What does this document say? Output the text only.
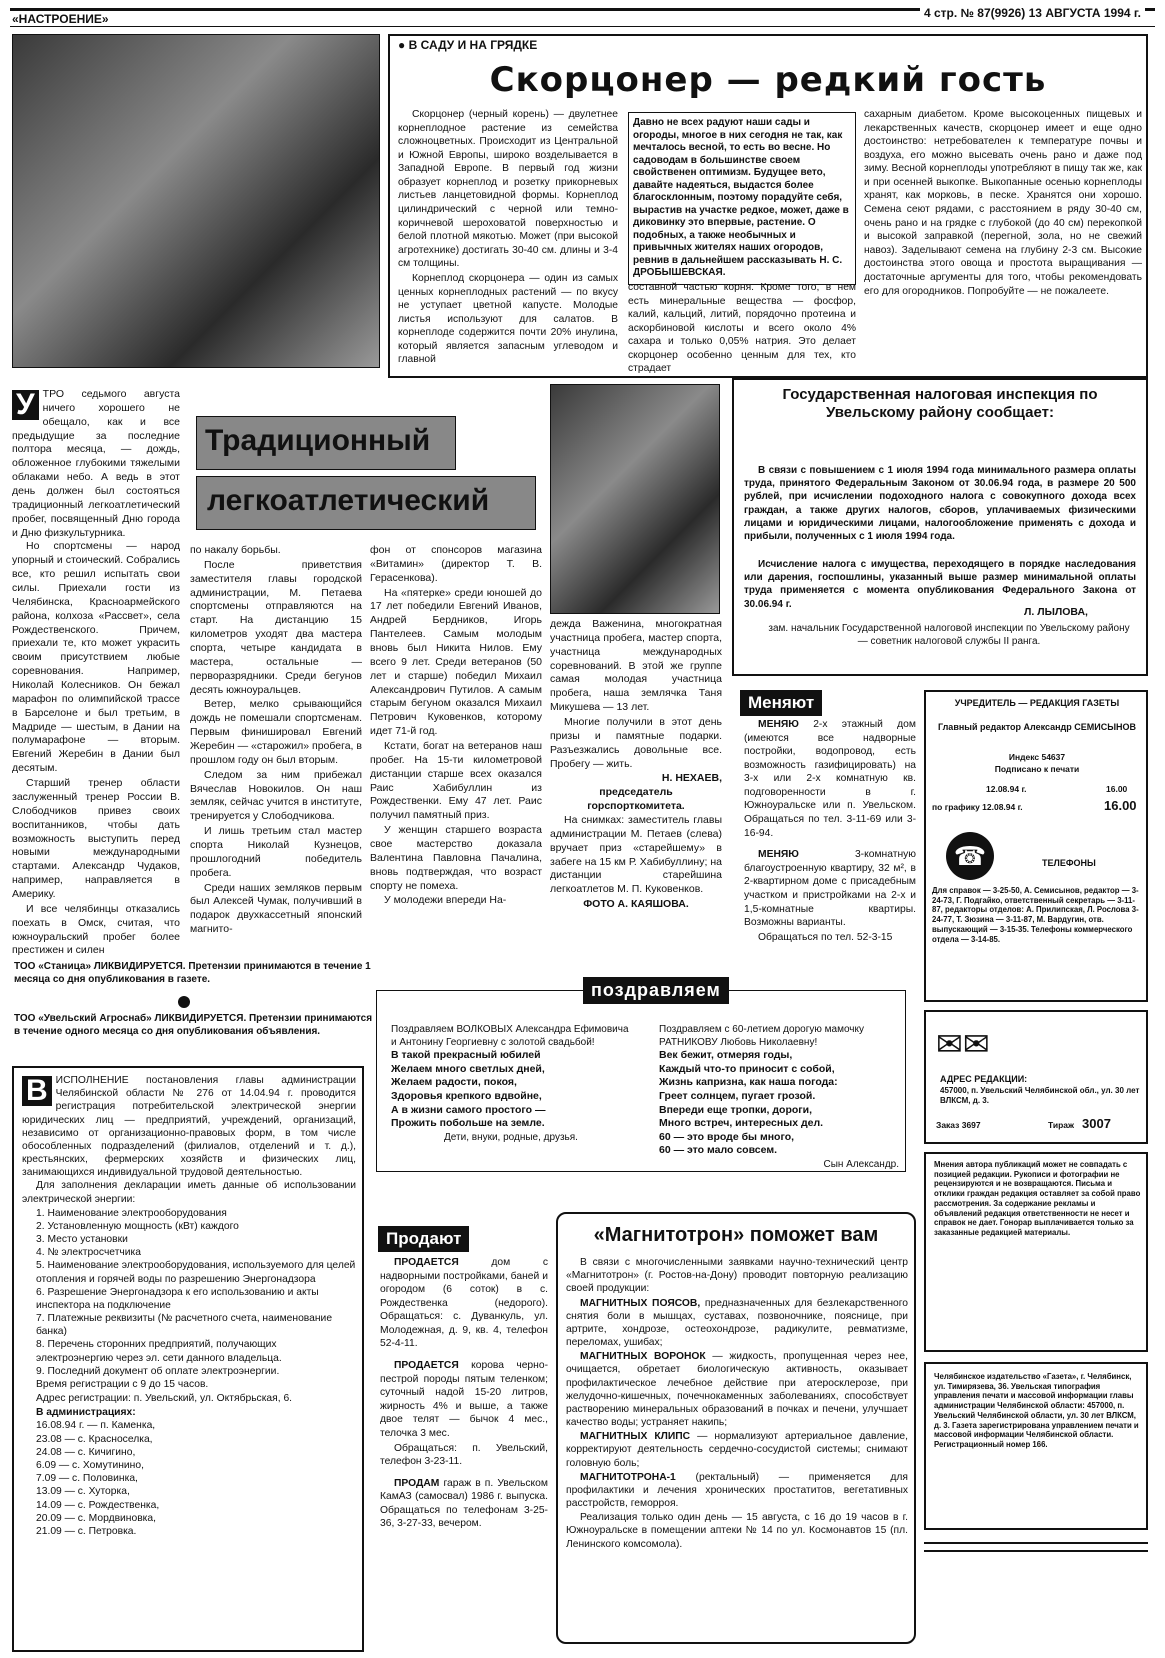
«НАСТРОЕНИЕ»	4 стр. № 87(9926) 13 АВГУСТА 1994 г.
● В САДУ И НА ГРЯДКЕ
Скорцонер — редкий гость

Скорцонер (черный корень) — двулетнее корнеплодное растение из семейства сложноцветных. Происходит из Центральной и Южной Европы, широко возделывается в Западной Европе. В первый год жизни образует корнеплод и розетку прикорневых листьев ланцетовидной формы. Корнеплод цилиндрический с черной или темно-коричневой шероховатой поверхностью и белой плотной мякотью. Может (при высокой агротехнике) достигать 30-40 см. длины и 3-4 см толщины.

Корнеплод скорцонера — один из самых ценных корнеплодных растений — по вкусу не уступает цветной капусте. Молодые листья используют для салатов. В корнеплоде содержится почти 20% инулина, который является запасным углеводом и главной

Давно не всех радуют наши сады и огороды, многое в них сегодня не так, как мечталось весной, то есть во весне. Но садоводам в большинстве своем свойственен оптимизм. Будущее вето, давайте надеяться, выдастся более благосклонным, поэтому порадуйте себя, вырастив на участке редкое, может, даже в диковинку это впервые, растение. О подобных, а также необычных и привычных жителях наших огородов, ревнив в дальнейшем рассказывать Н. С. ДРОБЫШЕВСКАЯ.
составной частью корня. Кроме того, в нем есть минеральные вещества — фосфор, калий, кальций, литий, порядочно протеина и аскорбиновой кислоты и всего около 4% сахара и только 0,05% натрия. Это делает скорцонер особенно ценным для тех, кто страдает
сахарным диабетом. Кроме высокоценных пищевых и лекарственных качеств, скорцонер имеет и еще одно достоинство: нетребователен к температуре почвы и воздуха, его можно высевать очень рано и даже под зиму. Весной корнеплоды употребляют в пищу так же, как и при осенней выкопке. Выкопанные осенью корнеплоды хранят, как морковь, в песке. Хранятся они хорошо. Семена сеют рядами, с расстоянием в ряду 30-40 см, очень рано и на грядке с глубокой (до 40 см) перекопкой и высокой заправкой (перегной, зола, но не свежий навоз). Заделывают семена на глубину 2-3 см. Высокие достоинства этого овоща и простота выращивания — достаточные аргументы для того, чтобы рекомендовать его для огородников. Попробуйте — не пожалеете.
У ТРО седьмого августа ничего хорошего не обещало, как и все предыдущие за последние полтора месяца, — дождь, обложенное глубокими тяжелыми облаками небо. А ведь в этот день должен был состояться традиционный легкоатлетический пробег, посвященный Дню города и Дню физкультурника.

Но спортсмены — народ упорный и стоический. Собрались все, кто решил испытать свои силы. Приехали гости из Челябинска, Красноармейского района, колхоза «Рассвет», села Рождественского. Причем, приехали те, кто может украсить своим присутствием любые соревнования. Например, Николай Колесников. Он бежал марафон по олимпийской трассе в Барселоне и был третьим, в Мадриде — шестым, в Дании на полумарафоне — вторым. Евгений Жеребин в Дании был десятым.

Старший тренер области заслуженный тренер России В. Слободчиков привез своих воспитанников, чтобы дать возможность выступить перед новыми международными стартами. Александр Чудаков, например, направляется в Америку.

И все челябинцы отказались поехать в Омск, считая, что южноуральский пробег более престижен и силен

Традиционный
легкоатлетический

по накалу борьбы.

После приветствия заместителя главы городской администрации, М. Петаева спортсмены отправляются на старт. На дистанцию 15 километров уходят два мастера спорта, четыре кандидата в мастера, остальные — перворазрядники. Среди бегунов десять южноуральцев.

Ветер, мелко срывающийся дождь не помешали спортсменам. Первым финишировал Евгений Жеребин — «старожил» пробега, в прошлом году он был вторым.

Следом за ним прибежал Вячеслав Новокилов. Он наш земляк, сейчас учится в институте, тренируется у Слободчикова.

И лишь третьим стал мастер спорта Николай Кузнецов, прошлогодний победитель пробега.

Среди наших земляков первым был Алексей Чумак, получивший в подарок двухкассетный японский магнито-

фон от спонсоров магазина «Витамин» (директор Т. В. Герасенкова).

На «пятерке» среди юношей до 17 лет победили Евгений Иванов, Андрей Бердников, Игорь Пантелеев. Самым молодым вновь был Никита Нилов. Ему всего 9 лет. Среди ветеранов (50 лет и старше) победил Михаил Александрович Путилов. А самым старым бегуном оказался Михаил Петрович Куковенков, которому идет 71-й год.

Кстати, богат на ветеранов наш пробег. На 15-ти километровой дистанции старше всех оказался Раис Хабибуллин из Рождественки. Ему 47 лет. Раис получил памятный приз.

У женщин старшего возраста свое мастерство доказала Валентина Павловна Пачалина, вновь подтверждая, что возраст спорту не помеха.

У молодежи впереди На-

дежда Важенина, многократная участница пробега, мастер спорта, участница международных соревнований. В этой же группе самая молодая участница пробега, наша землячка Таня Микушева — 13 лет.

Многие получили в этот день призы и памятные подарки. Разъезжались довольные все. Пробегу — жить.

Н. НЕХАЕВ,
председатель горспорткомитета.

На снимках: заместитель главы администрации М. Петаев (слева) вручает приз «старейшему» в забеге на 15 км Р. Хабибуллину; на дистанции старейшина легкоатлетов М. П. Куковенков.

ФОТО А. КАЯШОВА.
Государственная налоговая инспекция по Увельскому району сообщает:
В связи с повышением с 1 июля 1994 года минимального размера оплаты труда, принятого Федеральным Законом от 30.06.94 года, в размере 20 500 рублей, при исчислении подоходного налога с совокупного дохода всех граждан, а также других налогов, сборов, уплачиваемых физическими лицами и юридическими лицами, налогообложение применять с дохода и прибыли, полученных с 1 июля 1994 года.
Исчисление налога с имущества, переходящего в порядке наследования или дарения, госпошлины, указанный выше размер минимальной оплаты труда применяется с момента опубликования Федерального Закона от 30.06.94 г.
Л. ЛЫЛОВА,
зам. начальник Государственной налоговой инспекции по Увельскому району — советник налоговой службы II ранга.
Меняют

МЕНЯЮ 2-х этажный дом (имеются все надворные постройки, водопровод, есть возможность газифицировать) на 3-х или 2-х комнатную кв. подговоренности в г. Южноуральске или п. Увельском. Обращаться по тел. 3-11-69 или 3-16-94.

МЕНЯЮ	3-комнатную благоустроенную квартиру, 32 м², в 2-квартирном доме с присадебным участком и пристройками на 2-х и 1,5-комнатные квартиры. Возможны варианты.

Обращаться по тел. 52-3-15

УЧРЕДИТЕЛЬ — РЕДАКЦИЯ ГАЗЕТЫ
Главный редактор Александр СЕМИСЫНОВ
Индекс 54637
Подписано к печати
12.08.94 г.	16.00
по графику 12.08.94 г.	16.00
☎	ТЕЛЕФОНЫ
Для справок — 3-25-50, А. Семисынов, редактор — 3-24-73, Г. Подгайко, ответственный секретарь — 3-11-87, редакторы отделов: А. Прилипская, Л. Рослова 3-24-77, Т. Зюзина — 3-11-87, М. Вардугин, отв. выпускающий — 3-15-35. Телефоны коммерческого отдела — 3-14-85.
✉✉
АДРЕС РЕДАКЦИИ:
457000, п. Увельский Челябинской обл., ул. 30 лет ВЛКСМ, д. 3.
Заказ 3697	Тираж 3007
Мнения автора публикаций может не совпадать с позицией редакции. Рукописи и фотографии не рецензируются и не возвращаются. Письма и отклики граждан редакция оставляет за собой право рассмотрения. За содержание рекламы и объявлений редакция ответственности не несет и справок не дает. Гонорар выплачивается только за заказанные редакцией материалы.
Челябинское издательство «Газета», г. Челябинск, ул. Тимирязева, 36. Увельская типография управления печати и массовой информации главы администрации Челябинской области: 457000, п. Увельский Челябинской области, ул. 30 лет ВЛКСМ, д. 3. Газета зарегистрирована управлением печати и массовой информации Челябинской области. Регистрационный номер 166.
ТОО «Станица» ЛИКВИДИРУЕТСЯ. Претензии принимаются в течение 1 месяца со дня опубликования в газете.
ТОО «Увельский Агроснаб» ЛИКВИДИРУЕТСЯ. Претензии принимаются в течение одного месяца со дня опубликования объявления.
В ИСПОЛНЕНИЕ постановления главы администрации Челябинской области № 276 от 14.04.94 г. проводится регистрация потребительской электрической энергии юридических лиц — предприятий, учреждений, организаций, независимо от организационно-правовых форм, в том числе обособленных подразделений (филиалов, отделений и т. д.), крестьянских, фермерских хозяйств и физических лиц, занимающихся индивидуальной трудовой деятельностью.

Для заполнения декларации иметь данные об использовании электрической энергии:

1. Наименование электрооборудования
2. Установленную мощность (кВт) каждого
3. Место установки
4. № электросчетчика
5. Наименование электрооборудования, используемого для целей отопления и горячей воды по разрешению Энергонадзора
6. Разрешение Энергонадзора к его использованию и акты инспектора на подключение
7. Платежные реквизиты (№ расчетного счета, наименование банка)
8. Перечень сторонних предприятий, получающих электроэнергию через эл. сети данного владельца.
9. Последний документ об оплате электроэнергии.

Время регистрации с 9 до 15 часов.

Адрес регистрации: п. Увельский, ул. Октябрьская, 6.

В администрациях:
16.08.94 г. — п. Каменка,
23.08 — с. Красноселка,
24.08 — с. Кичигино,
6.09 — с. Хомутинино,
7.09 — с. Половинка,
13.09 — с. Хуторка,
14.09 — с. Рождественка,
20.09 — с. Мордвиновка,
21.09 — с. Петровка.
поздравляем
Поздравляем ВОЛКОВЫХ Александра Ефимовича и Антонину Георгиевну с золотой свадьбой!
В такой прекрасный юбилей
Желаем много светлых дней,
Желаем радости, покоя,
Здоровья крепкого вдвойне,
А в жизни самого простого —
Прожить побольше на земле.
Дети, внуки, родные, друзья.
Поздравляем с 60-летием дорогую мамочку РАТНИКОВУ Любовь Николаевну!
Век бежит, отмеряя годы,
Каждый что-то приносит с собой,
Жизнь капризна, как наша погода:
Греет солнцем, пугает грозой.
Впереди еще тропки, дороги,
Много встреч, интересных дел.
60 — это вроде бы много,
60 — это мало совсем.
Сын Александр.
Продают

ПРОДАЕТСЯ	дом с надворными постройками, баней и огородом (6 соток) в с. Рождественка (недорого). Обращаться: с. Дуванкуль, ул. Молодежная, д. 9, кв. 4, телефон 52-4-11.

ПРОДАЕТСЯ корова черно-пестрой породы пятым теленком; суточный надой 15-20 литров, жирность 4% и выше, а также двое телят — бычок 4 мес., телочка 3 мес.

Обращаться: п. Увельский, телефон 3-23-11.

ПРОДАМ гараж в п. Увельском КамАЗ (самосвал) 1986 г. выпуска. Обращаться по телефонам 3-25-36, 3-27-33, вечером.

«Магнитотрон» поможет вам

В связи с многочисленными заявками научно-технический центр «Магнитотрон» (г. Ростов-на-Дону) проводит повторную реализацию своей продукции:

МАГНИТНЫХ ПОЯСОВ, предназначенных для безлекарственного снятия боли в мышцах, суставах, позвоночнике, пояснице, при артрите, хондрозе, остеохондрозе, радикулите, ревматизме, переломах, ушибах;

МАГНИТНЫХ ВОРОНОК — жидкость, пропущенная через нее, очищается, обретает биологическую активность, оказывает профилактическое лечебное действие при атеросклерозе, при желудочно-кишечных, почечнокаменных заболеваниях, способствует растворению минеральных образований в почках и печени, улучшает качество воды; устраняет накипь;

МАГНИТНЫХ КЛИПС — нормализуют артериальное давление, корректируют деятельность сердечно-сосудистой системы; снимают головную боль;

МАГНИТОТРОНА-1 (ректальный) — применяется для профилактики и лечения хронических простатитов, вегетативных расстройств, геморроя.

Реализация только один день — 15 августа, с 16 до 19 часов в г. Южноуральске в помещении аптеки № 14 по ул. Космонавтов 15 (пл. Ленинского комсомола).
